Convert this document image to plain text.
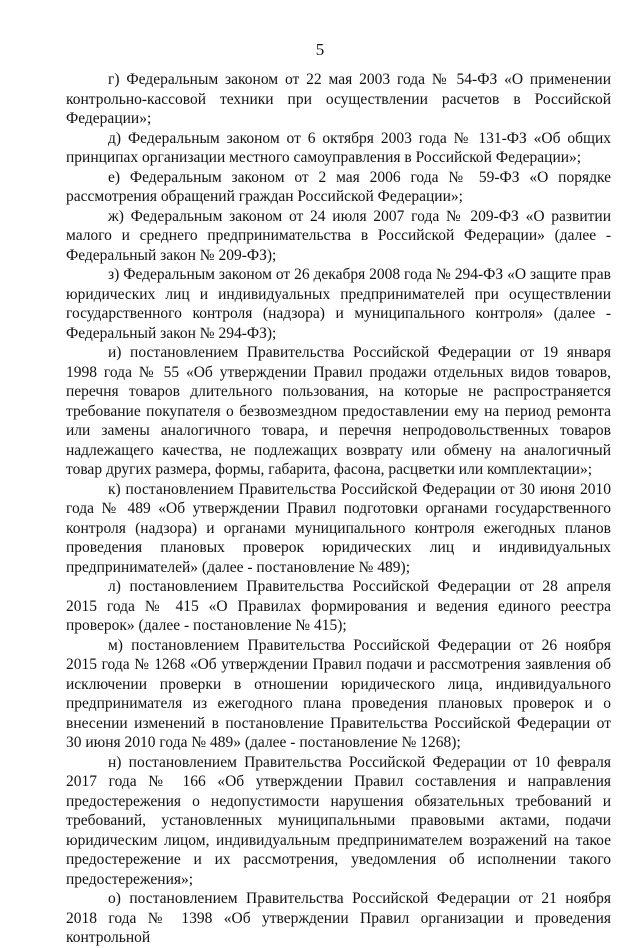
5

г) Федеральным законом от 22 мая 2003 года № 54-ФЗ «О применении контрольно-кассовой техники при осуществлении расчетов в Российской Федерации»;

д) Федеральным законом от 6 октября 2003 года № 131-ФЗ «Об общих принципах организации местного самоуправления в Российской Федерации»;

е) Федеральным законом от 2 мая 2006 года № 59-ФЗ «О порядке рассмотрения обращений граждан Российской Федерации»;

ж) Федеральным законом от 24 июля 2007 года № 209-ФЗ «О развитии малого и среднего предпринимательства в Российской Федерации» (далее - Федеральный закон № 209-ФЗ);

з) Федеральным законом от 26 декабря 2008 года № 294-ФЗ «О защите прав юридических лиц и индивидуальных предпринимателей при осуществлении государственного контроля (надзора) и муниципального контроля» (далее - Федеральный закон № 294-ФЗ);

и) постановлением Правительства Российской Федерации от 19 января 1998 года № 55 «Об утверждении Правил продажи отдельных видов товаров, перечня товаров длительного пользования, на которые не распространяется требование покупателя о безвозмездном предоставлении ему на период ремонта или замены аналогичного товара, и перечня непродовольственных товаров надлежащего качества, не подлежащих возврату или обмену на аналогичный товар других размера, формы, габарита, фасона, расцветки или комплектации»;

к) постановлением Правительства Российской Федерации от 30 июня 2010 года № 489 «Об утверждении Правил подготовки органами государственного контроля (надзора) и органами муниципального контроля ежегодных планов проведения плановых проверок юридических лиц и индивидуальных предпринимателей» (далее - постановление № 489);

л) постановлением Правительства Российской Федерации от 28 апреля 2015 года № 415 «О Правилах формирования и ведения единого реестра проверок» (далее - постановление № 415);

м) постановлением Правительства Российской Федерации от 26 ноября 2015 года № 1268 «Об утверждении Правил подачи и рассмотрения заявления об исключении проверки в отношении юридического лица, индивидуального предпринимателя из ежегодного плана проведения плановых проверок и о внесении изменений в постановление Правительства Российской Федерации от 30 июня 2010 года № 489» (далее - постановление № 1268);

н) постановлением Правительства Российской Федерации от 10 февраля 2017 года № 166 «Об утверждении Правил составления и направления предостережения о недопустимости нарушения обязательных требований и требований, установленных муниципальными правовыми актами, подачи юридическим лицом, индивидуальным предпринимателем возражений на такое предостережение и их рассмотрения, уведомления об исполнении такого предостережения»;

о) постановлением Правительства Российской Федерации от 21 ноября 2018 года № 1398 «Об утверждении Правил организации и проведения контрольной
